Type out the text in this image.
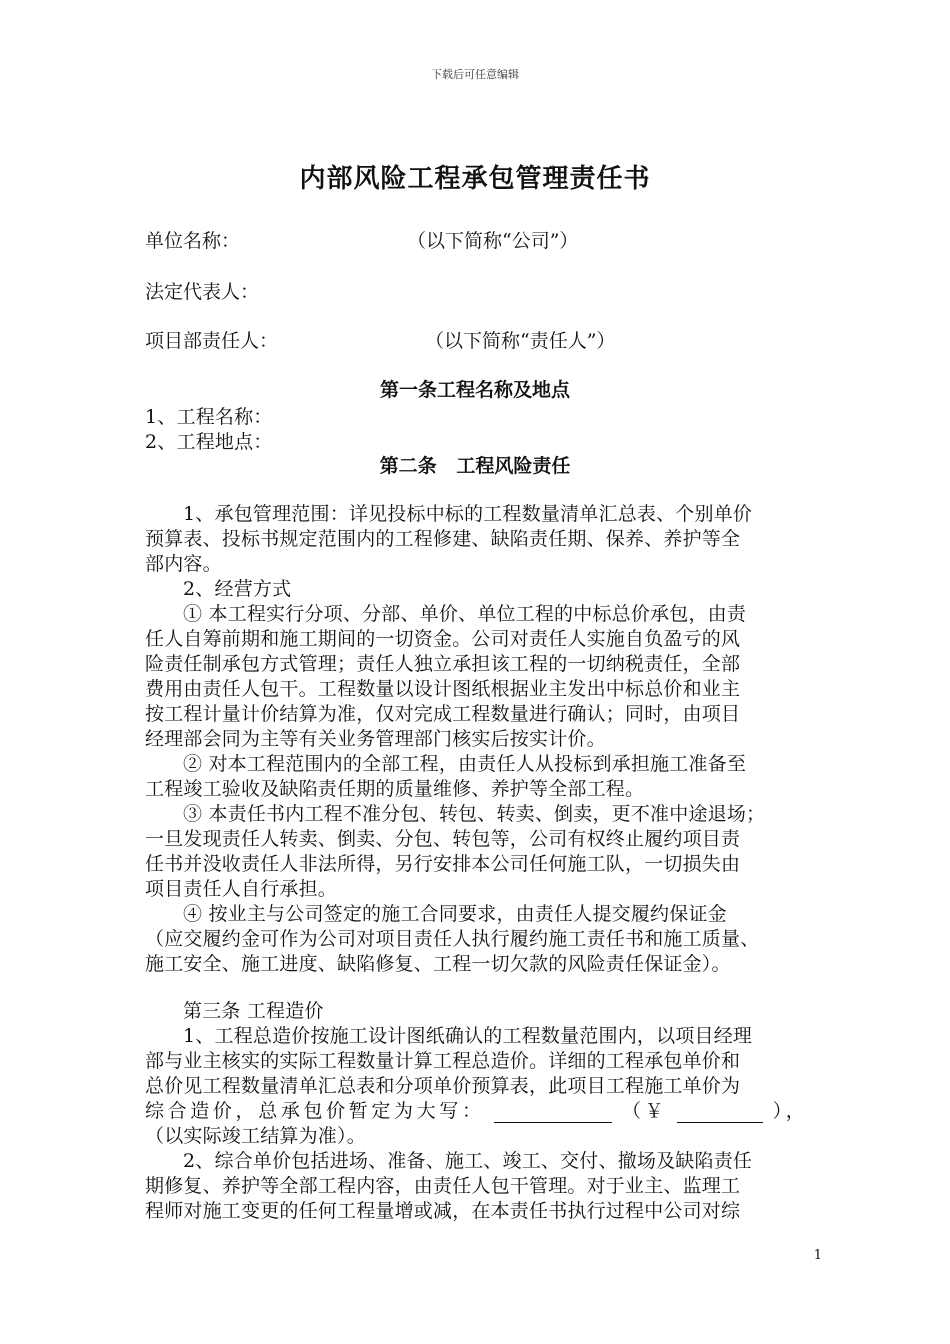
下载后可任意编辑
内部风险工程承包管理责任书
单位名称：	（以下简称“公司”）
法定代表人：
项目部责任人：	（以下简称“责任人”）
第一条工程名称及地点
1、工程名称：
2、工程地点：
第二条   工程风险责任
1、承包管理范围：详见投标中标的工程数量清单汇总表、个别单价
预算表、投标书规定范围内的工程修建、缺陷责任期、保养、养护等全
部内容。
2、经营方式
① 本工程实行分项、分部、单价、单位工程的中标总价承包，由责
任人自筹前期和施工期间的一切资金。公司对责任人实施自负盈亏的风
险责任制承包方式管理；责任人独立承担该工程的一切纳税责任，全部
费用由责任人包干。工程数量以设计图纸根据业主发出中标总价和业主
按工程计量计价结算为准，仅对完成工程数量进行确认；同时，由项目
经理部会同为主等有关业务管理部门核实后按实计价。
② 对本工程范围内的全部工程，由责任人从投标到承担施工准备至
工程竣工验收及缺陷责任期的质量维修、养护等全部工程。
③ 本责任书内工程不准分包、转包、转卖、倒卖，更不准中途退场；
一旦发现责任人转卖、倒卖、分包、转包等，公司有权终止履约项目责
任书并没收责任人非法所得，另行安排本公司任何施工队，一切损失由
项目责任人自行承担。
④ 按业主与公司签定的施工合同要求，由责任人提交履约保证金
（应交履约金可作为公司对项目责任人执行履约施工责任书和施工质量、
施工安全、施工进度、缺陷修复、工程一切欠款的风险责任保证金）。
第三条 工程造价
1、工程总造价按施工设计图纸确认的工程数量范围内，以项目经理
部与业主核实的实际工程数量计算工程总造价。详细的工程承包单价和
总价见工程数量清单汇总表和分项单价预算表，此项目工程施工单价为
综合造价，总承包价暂定为大写：	（￥	），
（以实际竣工结算为准）。
2、综合单价包括进场、准备、施工、竣工、交付、撤场及缺陷责任
期修复、养护等全部工程内容，由责任人包干管理。对于业主、监理工
程师对施工变更的任何工程量增或减，在本责任书执行过程中公司对综
1
